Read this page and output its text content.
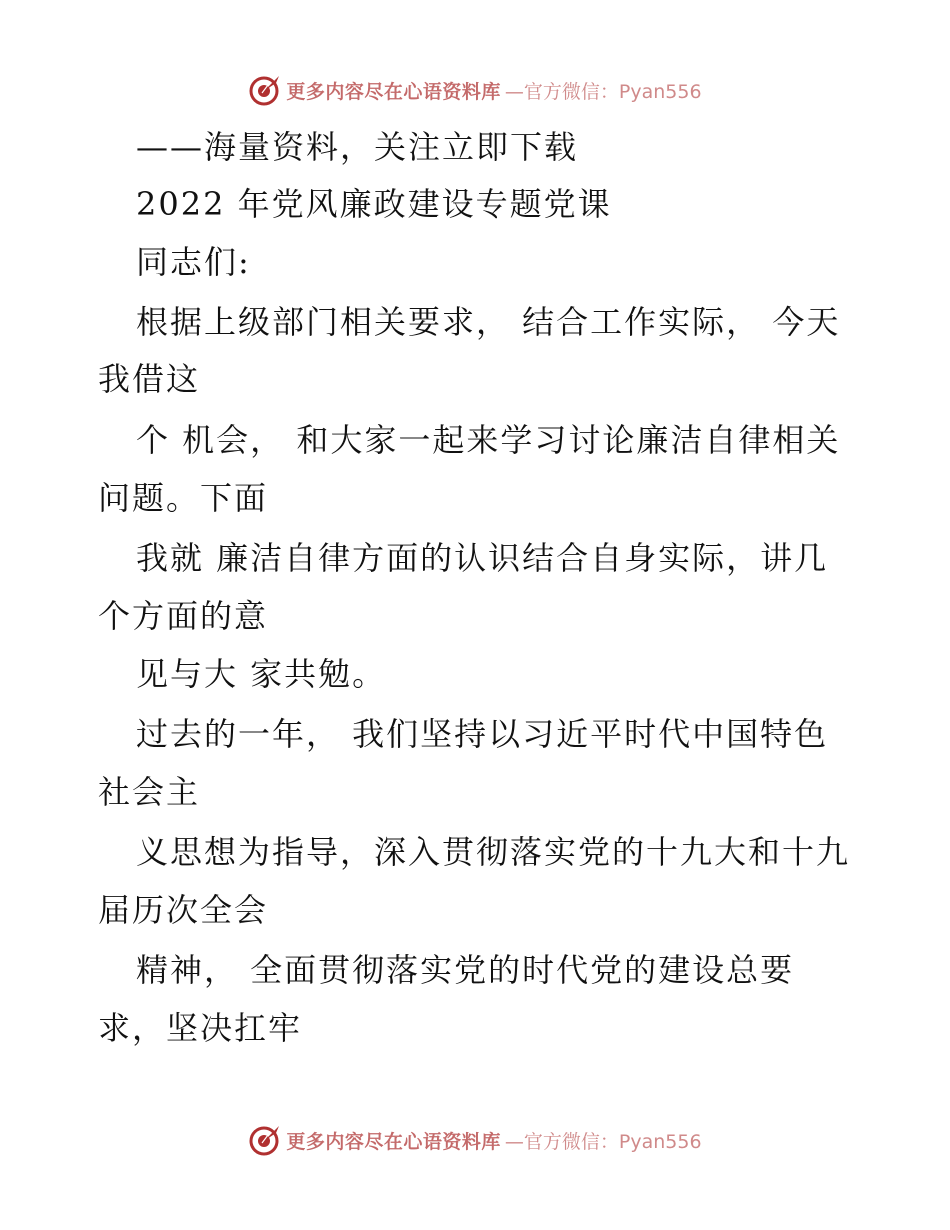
更多内容尽在心语资料库 —官方微信：Pyan556
——海量资料，关注立即下载
2022 年党风廉政建设专题党课
同志们:
根据上级部门相关要求， 结合工作实际， 今天
我借这
个 机会， 和大家一起来学习讨论廉洁自律相关
问题。下面
我就 廉洁自律方面的认识结合自身实际，讲几
个方面的意
见与大 家共勉。
过去的一年， 我们坚持以习近平时代中国特色
社会主
义思想为指导，深入贯彻落实党的十九大和十九
届历次全会
精神， 全面贯彻落实党的时代党的建设总要
求，坚决扛牢
更多内容尽在心语资料库 —官方微信：Pyan556
